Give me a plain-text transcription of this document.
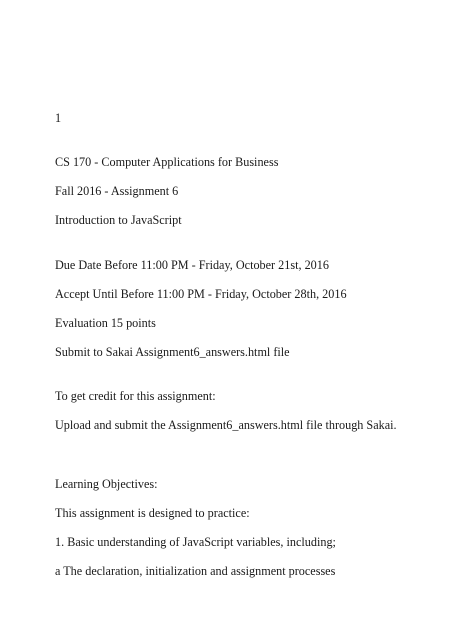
1
CS 170 - Computer Applications for Business
Fall 2016 - Assignment 6
Introduction to JavaScript
Due Date Before 11:00 PM - Friday, October 21st, 2016
Accept Until Before 11:00 PM - Friday, October 28th, 2016
Evaluation 15 points
Submit to Sakai Assignment6_answers.html file
To get credit for this assignment:
Upload and submit the Assignment6_answers.html file through Sakai.
Learning Objectives:
This assignment is designed to practice:
1. Basic understanding of JavaScript variables, including;
a The declaration, initialization and assignment processes
